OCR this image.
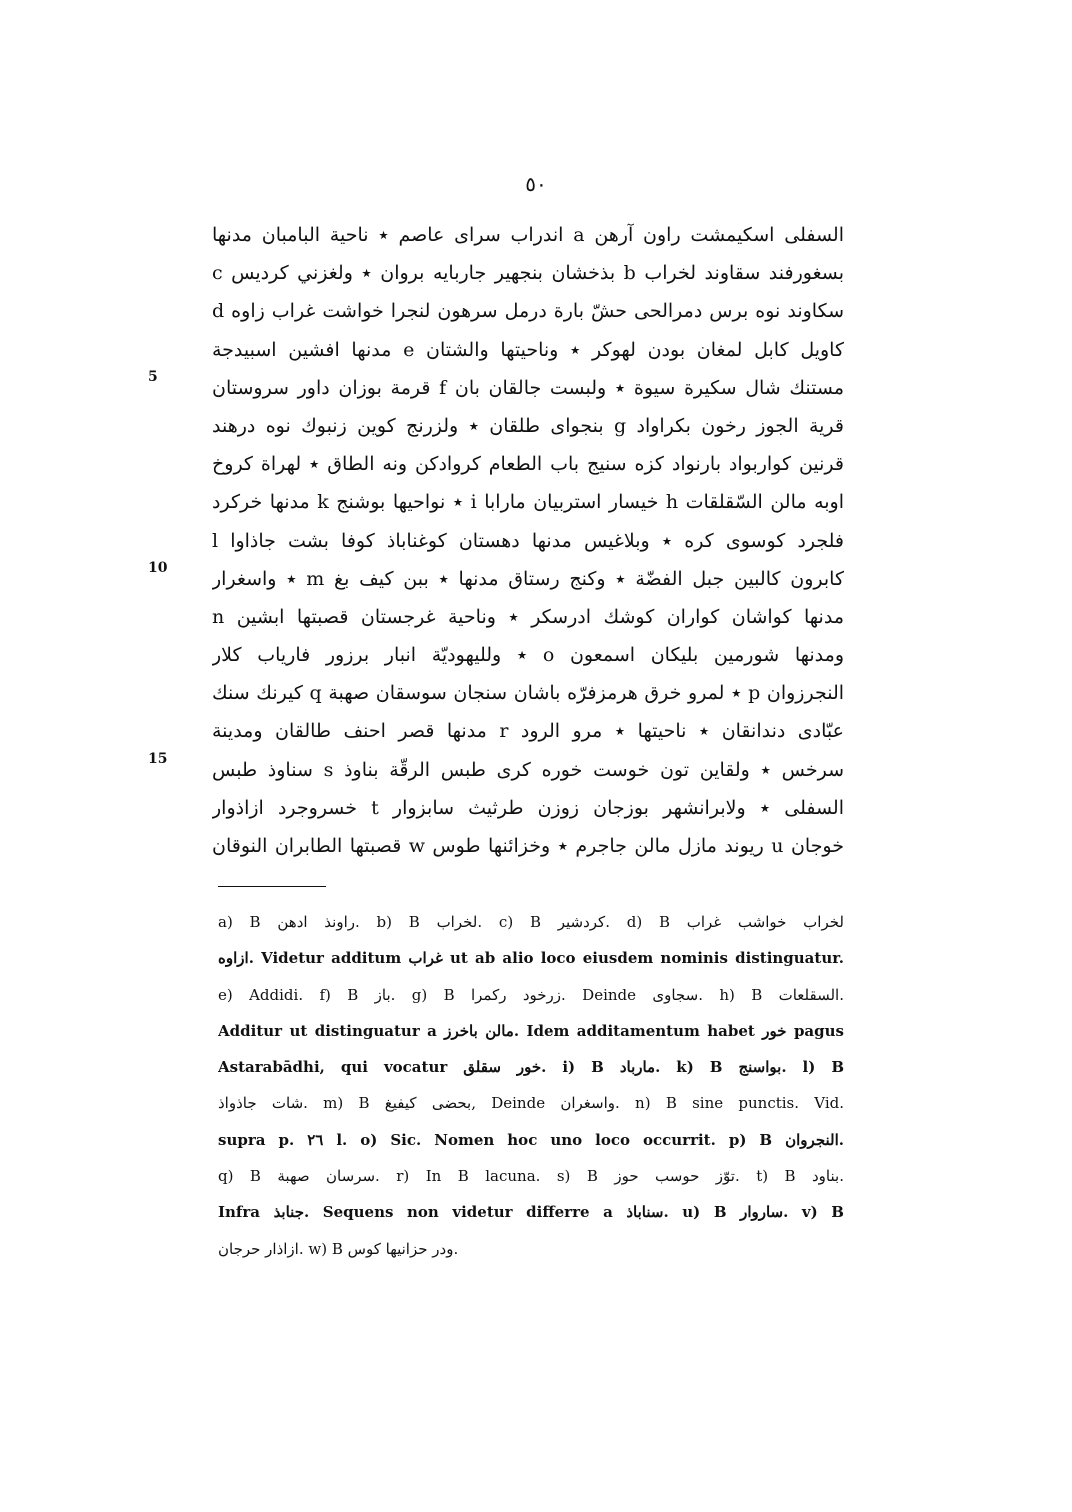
٥٠
السفلى اسكيمشت راون آرهن a اندراب سراى عاصم ٭ ناحية البامبان مدنها
بسغورفند سقاوند لخراب b بذخشان بنجهير جاربايه بروان ٭ ولغزني كرديس c
سكاوند نوه برس دمرالحى حشّ بارة درمل سرهون لنجرا خواشت غراب زاوه d
كاويل كابل لمغان بودن لهوكر ٭ وناحيتها والشتان e مدنها افشين اسبيدجة
مستنك شال سكيرة سيوة ٭ ولبست جالقان بان f قرمة بوزان داور سروستان
قرية الجوز رخون بكراواد g بنجواى طلقان ٭ ولزرنج كوين زنبوك نوه درهند
قرنين كواربواد بارنواد كزه سنيج باب الطعام كروادكن ونه الطاق ٭ لهراة كروخ
اوبه مالن السّقلقات h خيسار استربيان مارابا i ٭ نواحيها بوشنج k مدنها خركرد
فلجرد كوسوى كره ٭ وبلاغيس مدنها دهستان كوغناباذ كوفا بشت جاذاوا l
كابرون كالبين جبل الفضّة ٭ وكنج رستاق مدنها ٭ ببن كيف بغ m ٭ واسغرار
مدنها كواشان كواران كوشك ادرسكر ٭ وناحية غرجستان قصبتها ابشين n
ومدنها شورمين بليكان اسمعون o ٭ ولليهوديّة انبار برزور فارياب كلار
النجرزوان p ٭ لمرو خرق هرمزفرّه باشان سنجان سوسقان صهبة q كيرنك سنك
عبّادى دندانقان ٭ ناحيتها ٭ مرو الرود r مدنها قصر احنف طالقان ومدينة
سرخس ٭ ولقاين تون خوست خوره كرى طبس الرقّة بناوذ s سناوذ طبس
السفلى ٭ ولابرانشهر بوزجان زوزن طرثيث سابزوار t خسروجرد ازاذوار
خوجان u ريوند مازل مالن جاجرم ٭ وخزائنها طوس w قصبتها الطابران النوقان
a) B راونذ ادهن. b) B لخراب. c) B كردشير. d) B لخراب خواشب غراب
ازاوه. Videtur additum غراب ut ab alio loco eiusdem nominis distinguatur.
e) Addidi. f) B باز. g) B زرخود ركمرا. Deinde سجاوى. h) B السقلعات.
Additur ut distinguatur a مالن باخرز. Idem additamentum habet خور pagus
Astarabādhi, qui vocatur خور سقلق. i) B مارباد. k) B بواسنج. l) B
شات جاذواذ. m) B بحضى كيفيغ, Deinde واسغران. n) B sine punctis. Vid.
supra p. ٢٦ l. o) Sic. Nomen hoc uno loco occurrit. p) B النجروان.
q) B سرسان صهبة. r) In B lacuna. s) B توّز حوسب حوز. t) B بناود.
Infra جنابذ. Sequens non videtur differre a سناباذ. u) B ساروار. v) B
ازاذار حرجان. w) B ودر حزانيها كوس.
5
10
15
